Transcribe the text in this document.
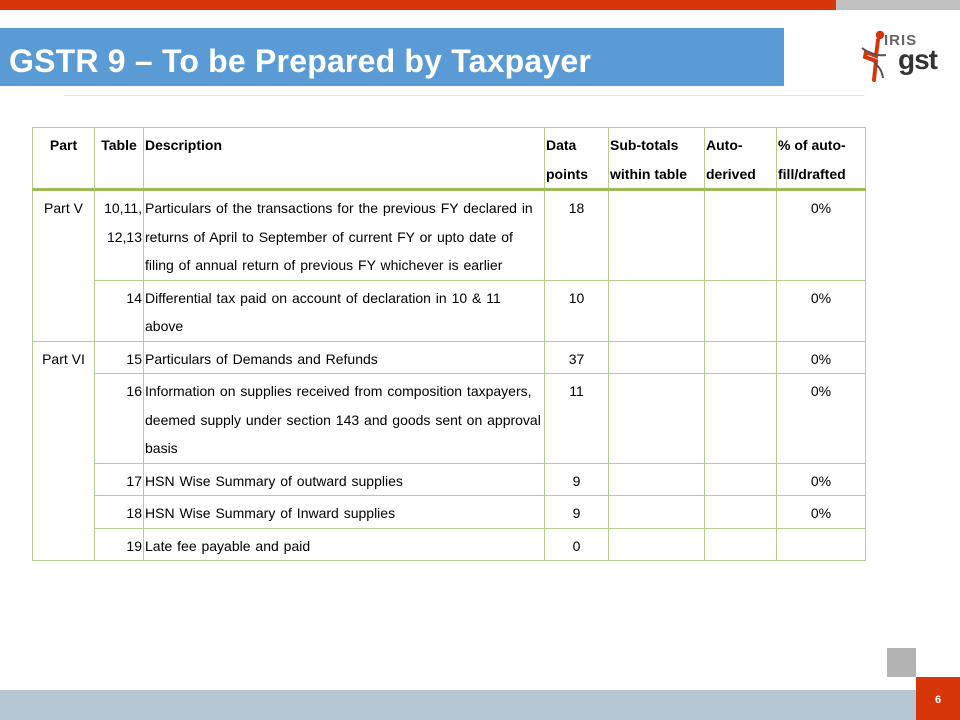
GSTR 9 – To be Prepared by Taxpayer
IRIS
gst
Part	Table	Description	Data points	Sub-totals within table	Auto-derived	% of auto-fill/drafted
Part V	10,11, 12,13	Particulars of the transactions for the previous FY declared in returns of April to September of current FY or upto date of filing of annual return of previous FY whichever is earlier	18			0%
	14	Differential tax paid on account of declaration in 10 & 11 above	10			0%
Part VI	15	Particulars of Demands and Refunds	37			0%
	16	Information on supplies received from composition taxpayers, deemed supply under section 143 and goods sent on approval basis	11			0%
	17	HSN Wise Summary of outward supplies	9			0%
	18	HSN Wise Summary of Inward supplies	9			0%
	19	Late fee payable and paid	0			
6
